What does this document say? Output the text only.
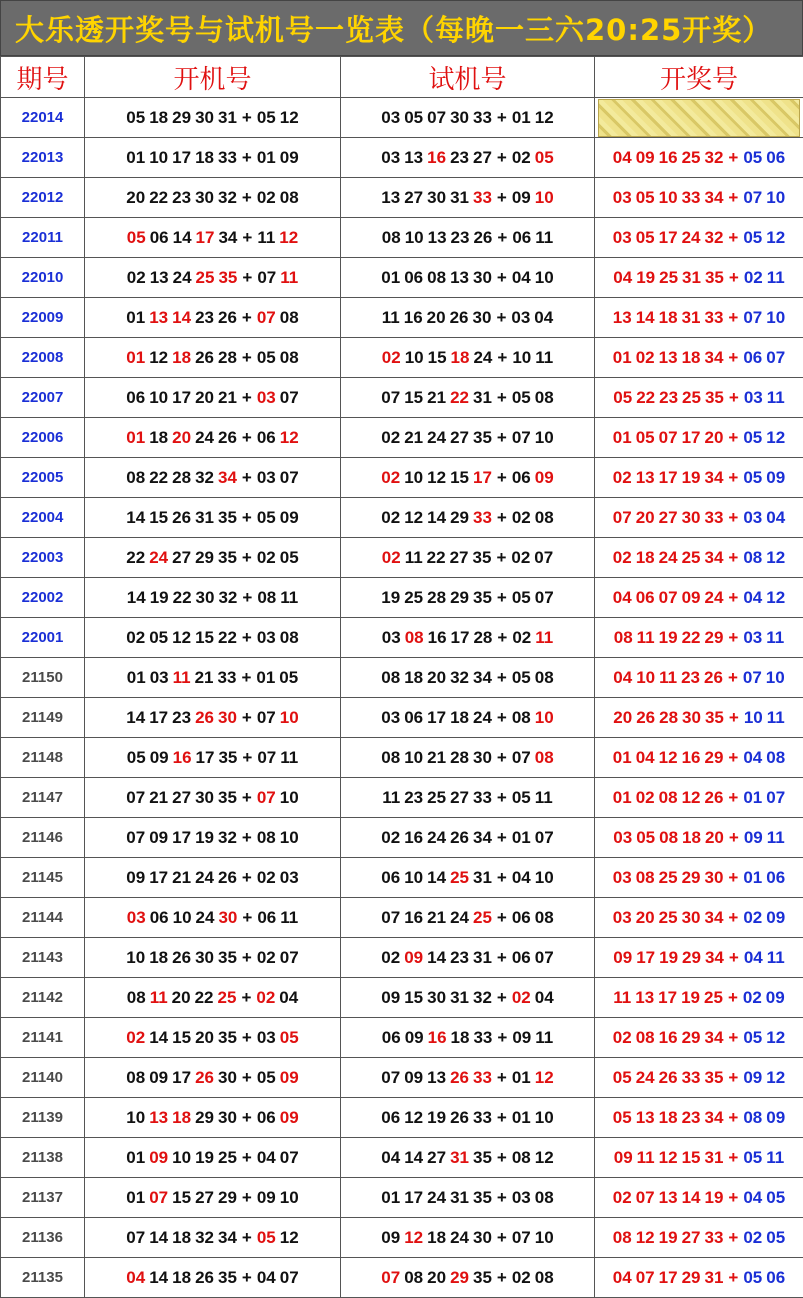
大乐透开奖号与试机号一览表（每晚一三六20:25开奖）
期号	开机号	试机号	开奖号
22014	05 18 29 30 31 + 05 12	03 05 07 30 33 + 01 12	

22013	01 10 17 18 33 + 01 09	03 13 16 23 27 + 02 05	04 09 16 25 32 + 05 06
22012	20 22 23 30 32 + 02 08	13 27 30 31 33 + 09 10	03 05 10 33 34 + 07 10
22011	05 06 14 17 34 + 11 12	08 10 13 23 26 + 06 11	03 05 17 24 32 + 05 12
22010	02 13 24 25 35 + 07 11	01 06 08 13 30 + 04 10	04 19 25 31 35 + 02 11
22009	01 13 14 23 26 + 07 08	11 16 20 26 30 + 03 04	13 14 18 31 33 + 07 10
22008	01 12 18 26 28 + 05 08	02 10 15 18 24 + 10 11	01 02 13 18 34 + 06 07
22007	06 10 17 20 21 + 03 07	07 15 21 22 31 + 05 08	05 22 23 25 35 + 03 11
22006	01 18 20 24 26 + 06 12	02 21 24 27 35 + 07 10	01 05 07 17 20 + 05 12
22005	08 22 28 32 34 + 03 07	02 10 12 15 17 + 06 09	02 13 17 19 34 + 05 09
22004	14 15 26 31 35 + 05 09	02 12 14 29 33 + 02 08	07 20 27 30 33 + 03 04
22003	22 24 27 29 35 + 02 05	02 11 22 27 35 + 02 07	02 18 24 25 34 + 08 12
22002	14 19 22 30 32 + 08 11	19 25 28 29 35 + 05 07	04 06 07 09 24 + 04 12
22001	02 05 12 15 22 + 03 08	03 08 16 17 28 + 02 11	08 11 19 22 29 + 03 11
21150	01 03 11 21 33 + 01 05	08 18 20 32 34 + 05 08	04 10 11 23 26 + 07 10
21149	14 17 23 26 30 + 07 10	03 06 17 18 24 + 08 10	20 26 28 30 35 + 10 11
21148	05 09 16 17 35 + 07 11	08 10 21 28 30 + 07 08	01 04 12 16 29 + 04 08
21147	07 21 27 30 35 + 07 10	11 23 25 27 33 + 05 11	01 02 08 12 26 + 01 07
21146	07 09 17 19 32 + 08 10	02 16 24 26 34 + 01 07	03 05 08 18 20 + 09 11
21145	09 17 21 24 26 + 02 03	06 10 14 25 31 + 04 10	03 08 25 29 30 + 01 06
21144	03 06 10 24 30 + 06 11	07 16 21 24 25 + 06 08	03 20 25 30 34 + 02 09
21143	10 18 26 30 35 + 02 07	02 09 14 23 31 + 06 07	09 17 19 29 34 + 04 11
21142	08 11 20 22 25 + 02 04	09 15 30 31 32 + 02 04	11 13 17 19 25 + 02 09
21141	02 14 15 20 35 + 03 05	06 09 16 18 33 + 09 11	02 08 16 29 34 + 05 12
21140	08 09 17 26 30 + 05 09	07 09 13 26 33 + 01 12	05 24 26 33 35 + 09 12
21139	10 13 18 29 30 + 06 09	06 12 19 26 33 + 01 10	05 13 18 23 34 + 08 09
21138	01 09 10 19 25 + 04 07	04 14 27 31 35 + 08 12	09 11 12 15 31 + 05 11
21137	01 07 15 27 29 + 09 10	01 17 24 31 35 + 03 08	02 07 13 14 19 + 04 05
21136	07 14 18 32 34 + 05 12	09 12 18 24 30 + 07 10	08 12 19 27 33 + 02 05
21135	04 14 18 26 35 + 04 07	07 08 20 29 35 + 02 08	04 07 17 29 31 + 05 06
